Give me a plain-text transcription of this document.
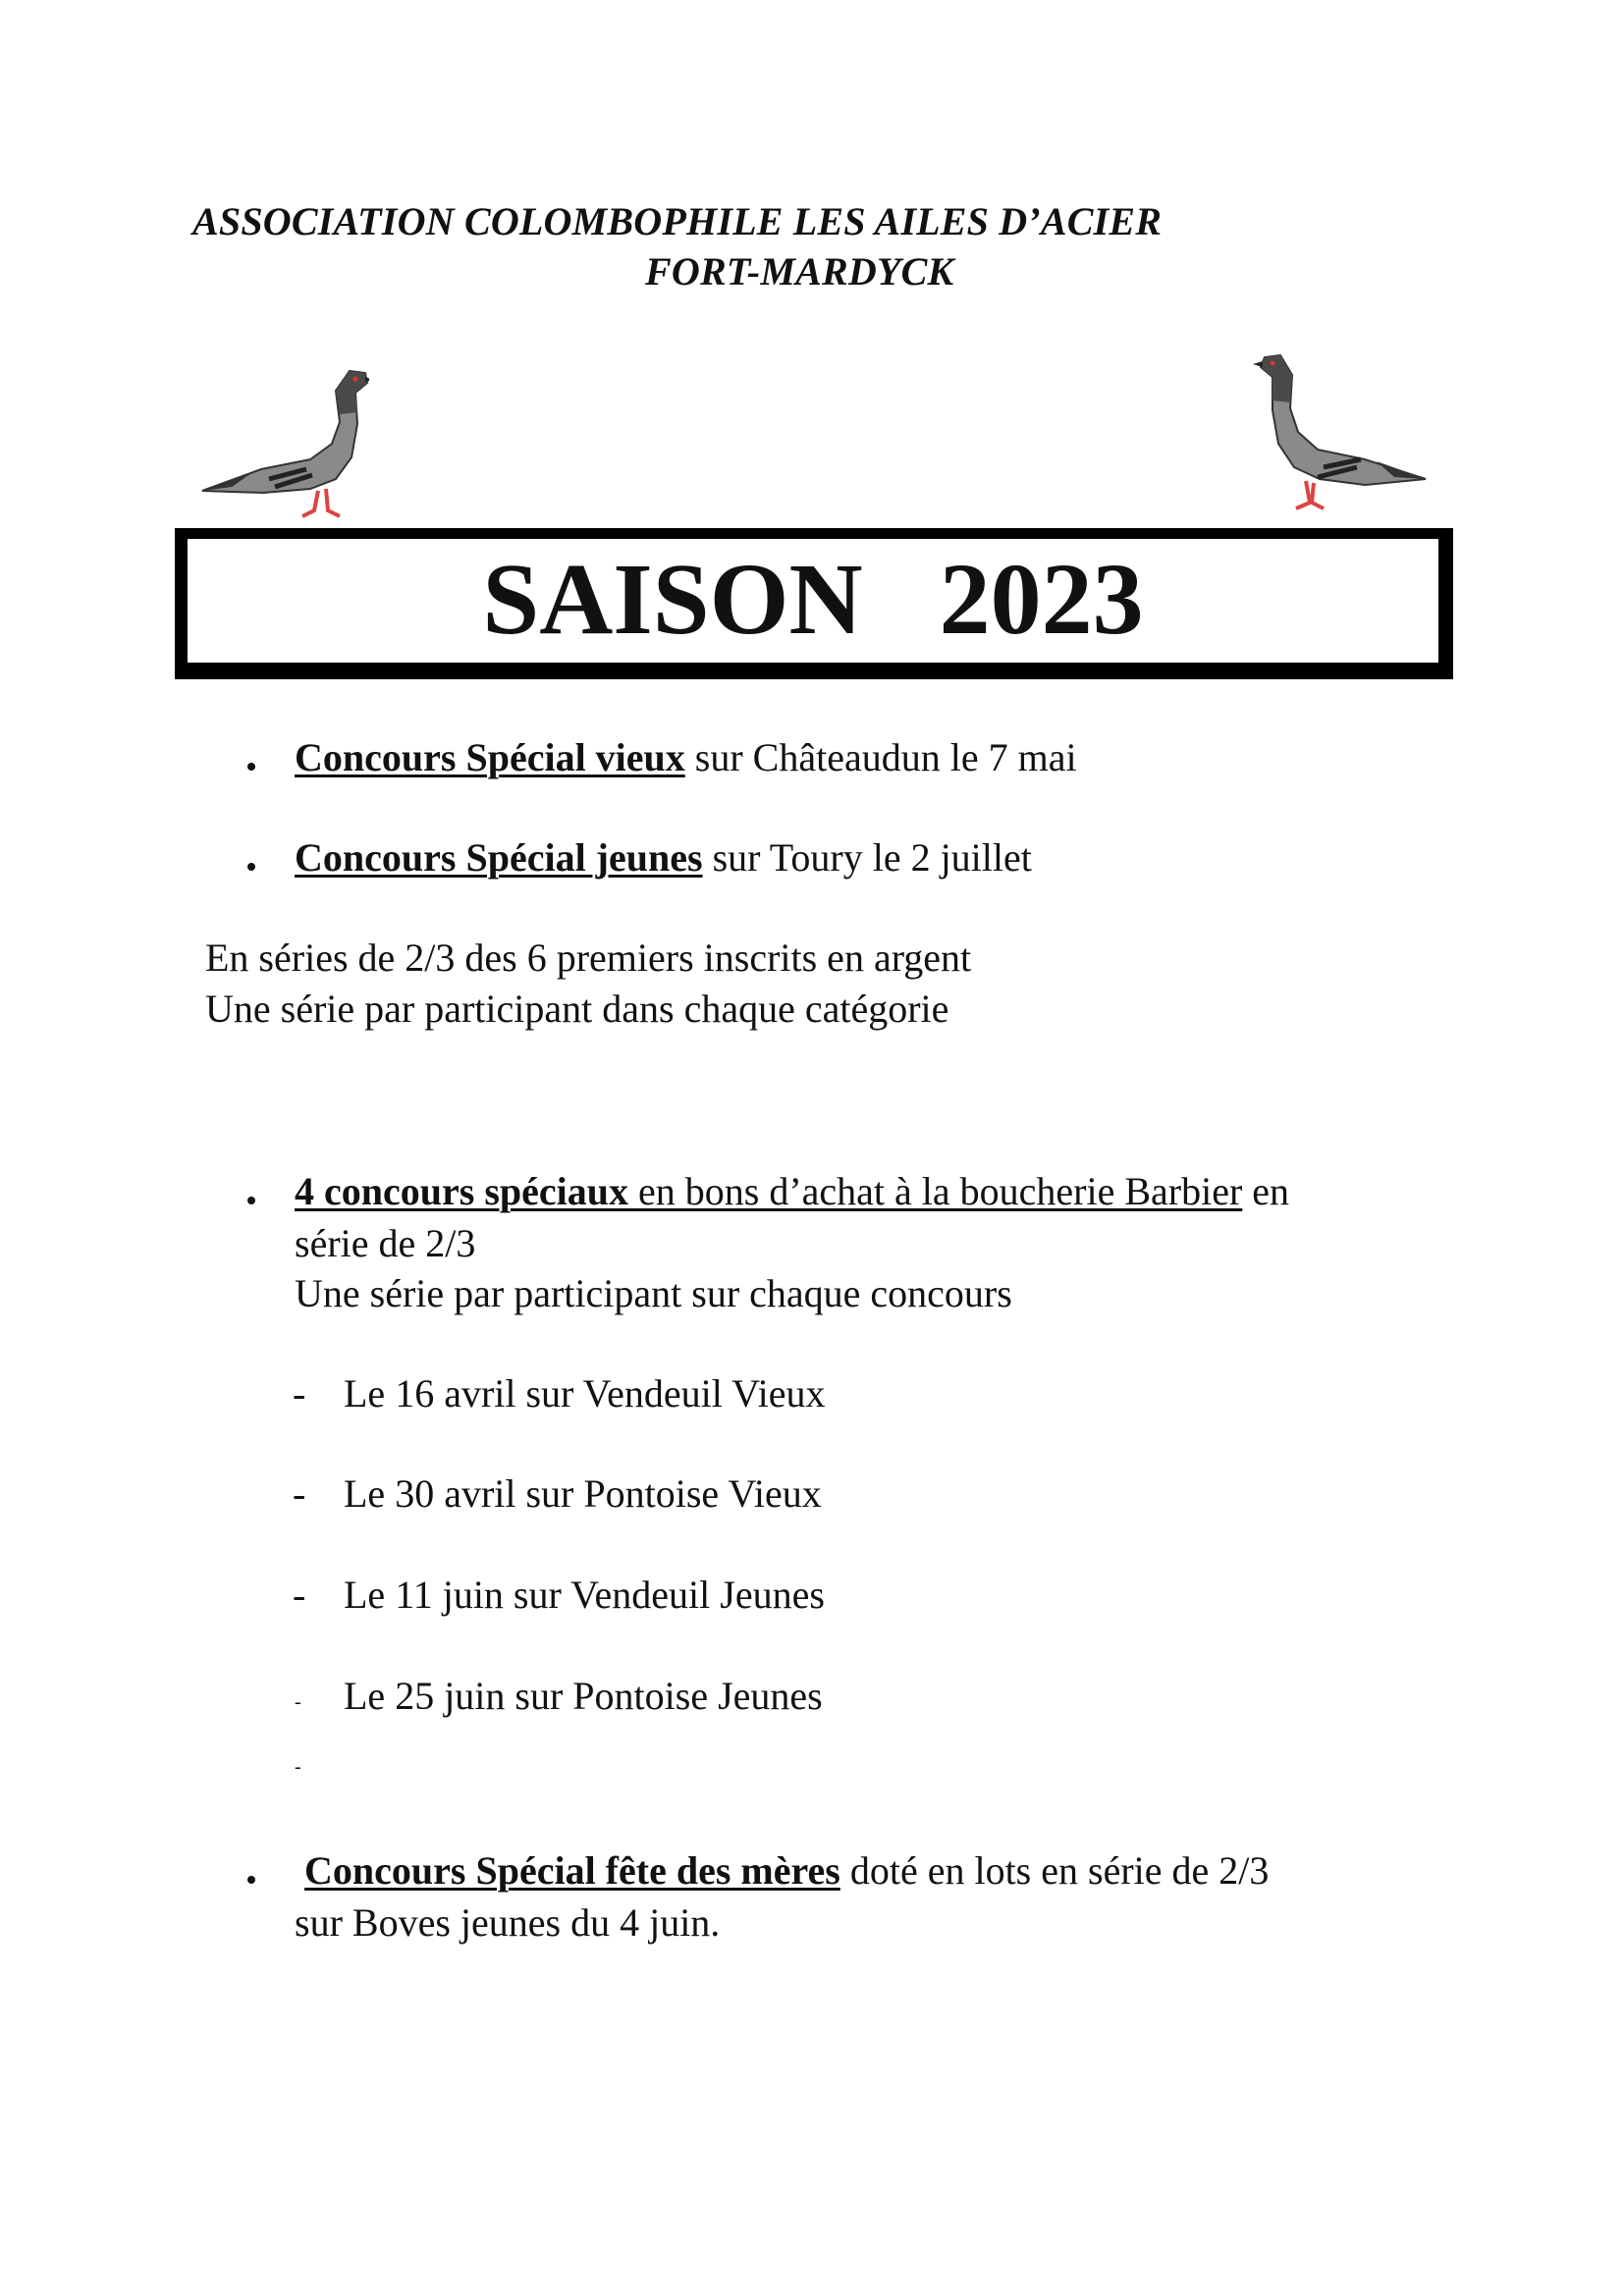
ASSOCIATION COLOMBOPHILE LES AILES D’ACIER
FORT-MARDYCK
SAISON   2023
Concours Spécial vieux sur Châteaudun le 7 mai
Concours Spécial jeunes sur Toury le 2 juillet
En séries de 2/3 des 6 premiers inscrits en argent
Une série par participant dans chaque catégorie
4 concours spéciaux en bons d’achat à la boucherie Barbier en
série de 2/3
Une série par participant sur chaque concours
- Le 16 avril sur Vendeuil Vieux
- Le 30 avril sur Pontoise Vieux
- Le 11 juin sur Vendeuil Jeunes
- Le 25 juin sur Pontoise Jeunes
-
Concours Spécial fête des mères doté en lots en série de 2/3
sur Boves jeunes du 4 juin.
